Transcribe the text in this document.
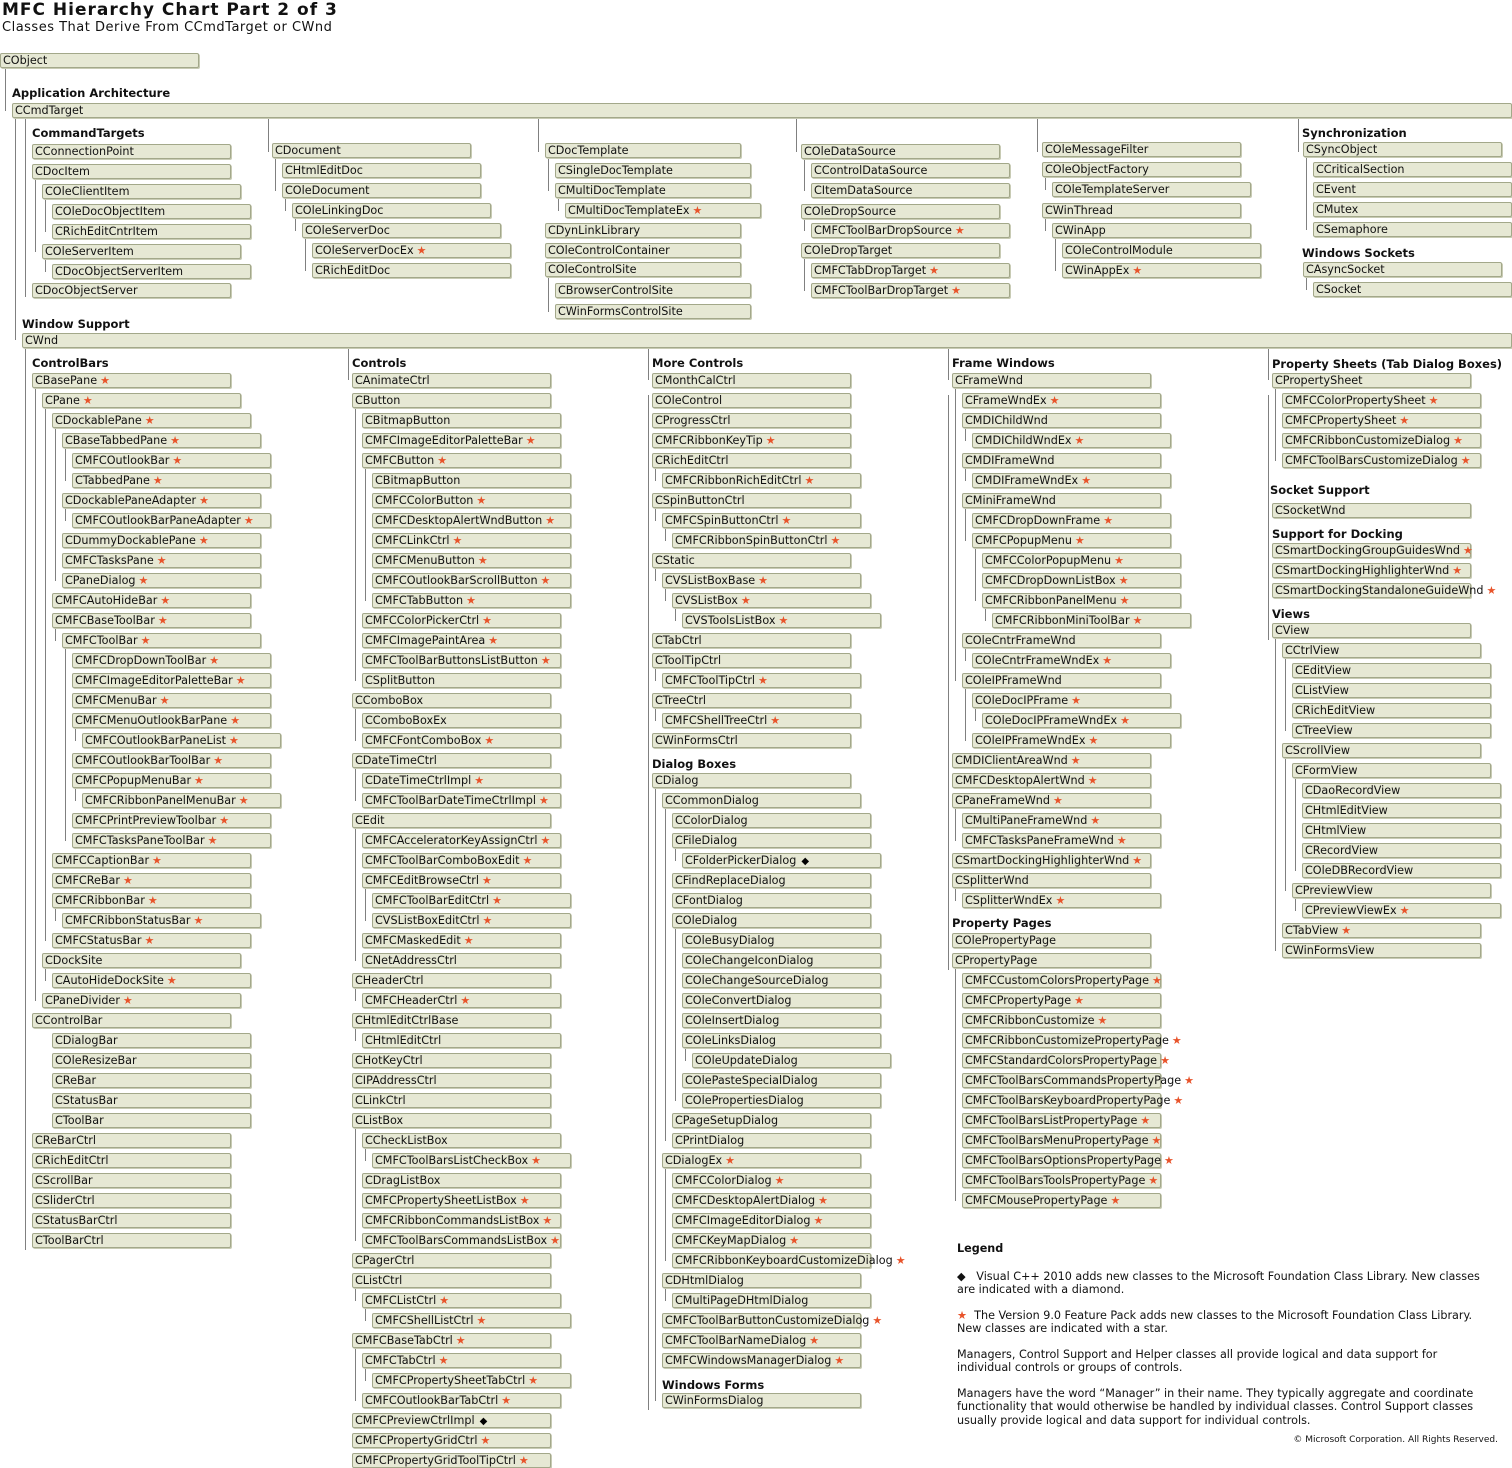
MFC Hierarchy Chart Part 2 of 3
Classes That Derive From CCmdTarget or CWnd
Application Architecture
CommandTargets	Synchronization
Windows Sockets
Window Support
ControlBars	Controls	More Controls	Frame Windows	Property Sheets (Tab Dialog Boxes)
Socket Support
Support for Docking
Views
Dialog Boxes
Property Pages
Windows Forms
CObject
CCmdTarget
CWnd
CConnectionPoint
CDocItem
COleClientItem
COleDocObjectItem
CRichEditCntrItem
COleServerItem
CDocObjectServerItem
CDocObjectServer
CDocument
CHtmlEditDoc
COleDocument
COleLinkingDoc
COleServerDoc
COleServerDocEx ★
CRichEditDoc
CDocTemplate
CSingleDocTemplate
CMultiDocTemplate
CMultiDocTemplateEx ★
CDynLinkLibrary
COleControlContainer
COleControlSite
CBrowserControlSite
CWinFormsControlSite
COleDataSource
CControlDataSource
CItemDataSource
COleDropSource
CMFCToolBarDropSource ★
COleDropTarget
CMFCTabDropTarget ★
CMFCToolBarDropTarget ★
COleMessageFilter
COleObjectFactory
COleTemplateServer
CWinThread
CWinApp
COleControlModule
CWinAppEx ★
CSyncObject
CCriticalSection
CEvent
CMutex
CSemaphore
CAsyncSocket
CSocket
CBasePane ★
CPane ★
CDockablePane ★
CBaseTabbedPane ★
CMFCOutlookBar ★
CTabbedPane ★
CDockablePaneAdapter ★
CMFCOutlookBarPaneAdapter ★
CDummyDockablePane ★
CMFCTasksPane ★
CPaneDialog ★
CMFCAutoHideBar ★
CMFCBaseToolBar ★
CMFCToolBar ★
CMFCDropDownToolBar ★
CMFCImageEditorPaletteBar ★
CMFCMenuBar ★
CMFCMenuOutlookBarPane ★
CMFCOutlookBarPaneList ★
CMFCOutlookBarToolBar ★
CMFCPopupMenuBar ★
CMFCRibbonPanelMenuBar ★
CMFCPrintPreviewToolbar ★
CMFCTasksPaneToolBar ★
CMFCCaptionBar ★
CMFCReBar ★
CMFCRibbonBar ★
CMFCRibbonStatusBar ★
CMFCStatusBar ★
CDockSite
CAutoHideDockSite ★
CPaneDivider ★
CControlBar
CDialogBar
COleResizeBar
CReBar
CStatusBar
CToolBar
CReBarCtrl
CRichEditCtrl
CScrollBar
CSliderCtrl
CStatusBarCtrl
CToolBarCtrl
CAnimateCtrl
CButton
CBitmapButton
CMFCImageEditorPaletteBar ★
CMFCButton ★
CBitmapButton
CMFCColorButton ★
CMFCDesktopAlertWndButton ★
CMFCLinkCtrl ★
CMFCMenuButton ★
CMFCOutlookBarScrollButton ★
CMFCTabButton ★
CMFCColorPickerCtrl ★
CMFCImagePaintArea ★
CMFCToolBarButtonsListButton ★
CSplitButton
CComboBox
CComboBoxEx
CMFCFontComboBox ★
CDateTimeCtrl
CDateTimeCtrlImpl ★
CMFCToolBarDateTimeCtrlImpl ★
CEdit
CMFCAcceleratorKeyAssignCtrl ★
CMFCToolBarComboBoxEdit ★
CMFCEditBrowseCtrl ★
CMFCToolBarEditCtrl ★
CVSListBoxEditCtrl ★
CMFCMaskedEdit ★
CNetAddressCtrl
CHeaderCtrl
CMFCHeaderCtrl ★
CHtmlEditCtrlBase
CHtmlEditCtrl
CHotKeyCtrl
CIPAddressCtrl
CLinkCtrl
CListBox
CCheckListBox
CMFCToolBarsListCheckBox ★
CDragListBox
CMFCPropertySheetListBox ★
CMFCRibbonCommandsListBox ★
CMFCToolBarsCommandsListBox ★
CPagerCtrl
CListCtrl
CMFCListCtrl ★
CMFCShellListCtrl ★
CMFCBaseTabCtrl ★
CMFCTabCtrl ★
CMFCPropertySheetTabCtrl ★
CMFCOutlookBarTabCtrl ★
CMFCPreviewCtrlImpl ◆
CMFCPropertyGridCtrl ★
CMFCPropertyGridToolTipCtrl ★
CMonthCalCtrl
COleControl
CProgressCtrl
CMFCRibbonKeyTip ★
CRichEditCtrl
CMFCRibbonRichEditCtrl ★
CSpinButtonCtrl
CMFCSpinButtonCtrl ★
CMFCRibbonSpinButtonCtrl ★
CStatic
CVSListBoxBase ★
CVSListBox ★
CVSToolsListBox ★
CTabCtrl
CToolTipCtrl
CMFCToolTipCtrl ★
CTreeCtrl
CMFCShellTreeCtrl ★
CWinFormsCtrl
CDialog
CCommonDialog
CColorDialog
CFileDialog
CFolderPickerDialog ◆
CFindReplaceDialog
CFontDialog
COleDialog
COleBusyDialog
COleChangeIconDialog
COleChangeSourceDialog
COleConvertDialog
COleInsertDialog
COleLinksDialog
COleUpdateDialog
COlePasteSpecialDialog
COlePropertiesDialog
CPageSetupDialog
CPrintDialog
CDialogEx ★
CMFCColorDialog ★
CMFCDesktopAlertDialog ★
CMFCImageEditorDialog ★
CMFCKeyMapDialog ★
CMFCRibbonKeyboardCustomizeDialog ★
CDHtmlDialog
CMultiPageDHtmlDialog
CMFCToolBarButtonCustomizeDialog ★
CMFCToolBarNameDialog ★
CMFCWindowsManagerDialog ★
CWinFormsDialog
CFrameWnd
CFrameWndEx ★
CMDIChildWnd
CMDIChildWndEx ★
CMDIFrameWnd
CMDIFrameWndEx ★
CMiniFrameWnd
CMFCDropDownFrame ★
CMFCPopupMenu ★
CMFCColorPopupMenu ★
CMFCDropDownListBox ★
CMFCRibbonPanelMenu ★
CMFCRibbonMiniToolBar ★
COleCntrFrameWnd
COleCntrFrameWndEx ★
COleIPFrameWnd
COleDocIPFrame ★
COleDocIPFrameWndEx ★
COleIPFrameWndEx ★
CMDIClientAreaWnd ★
CMFCDesktopAlertWnd ★
CPaneFrameWnd ★
CMultiPaneFrameWnd ★
CMFCTasksPaneFrameWnd ★
CSmartDockingHighlighterWnd ★
CSplitterWnd
CSplitterWndEx ★
COlePropertyPage
CPropertyPage
CMFCCustomColorsPropertyPage ★
CMFCPropertyPage ★
CMFCRibbonCustomize ★
CMFCRibbonCustomizePropertyPage ★
CMFCStandardColorsPropertyPage ★
CMFCToolBarsCommandsPropertyPage ★
CMFCToolBarsKeyboardPropertyPage ★
CMFCToolBarsListPropertyPage ★
CMFCToolBarsMenuPropertyPage ★
CMFCToolBarsOptionsPropertyPage ★
CMFCToolBarsToolsPropertyPage ★
CMFCMousePropertyPage ★
CPropertySheet
CMFCColorPropertySheet ★
CMFCPropertySheet ★
CMFCRibbonCustomizeDialog ★
CMFCToolBarsCustomizeDialog ★
CSocketWnd
CSmartDockingGroupGuidesWnd ★
CSmartDockingHighlighterWnd ★
CSmartDockingStandaloneGuideWnd ★
CView
CCtrlView
CEditView
CListView
CRichEditView
CTreeView
CScrollView
CFormView
CDaoRecordView
CHtmlEditView
CHtmlView
CRecordView
COleDBRecordView
CPreviewView
CPreviewViewEx ★
CTabView ★
CWinFormsView
Legend

◆ Visual C++ 2010 adds new classes to the Microsoft Foundation Class Library. New classes are indicated with a diamond.

★ The Version 9.0 Feature Pack adds new classes to the Microsoft Foundation Class Library. New classes are indicated with a star.

Managers, Control Support and Helper classes all provide logical and data support for individual controls or groups of controls.

Managers have the word “Manager” in their name. They typically aggregate and coordinate functionality that would otherwise be handled by individual classes. Control Support classes usually provide logical and data support for individual controls.

© Microsoft Corporation. All Rights Reserved.
